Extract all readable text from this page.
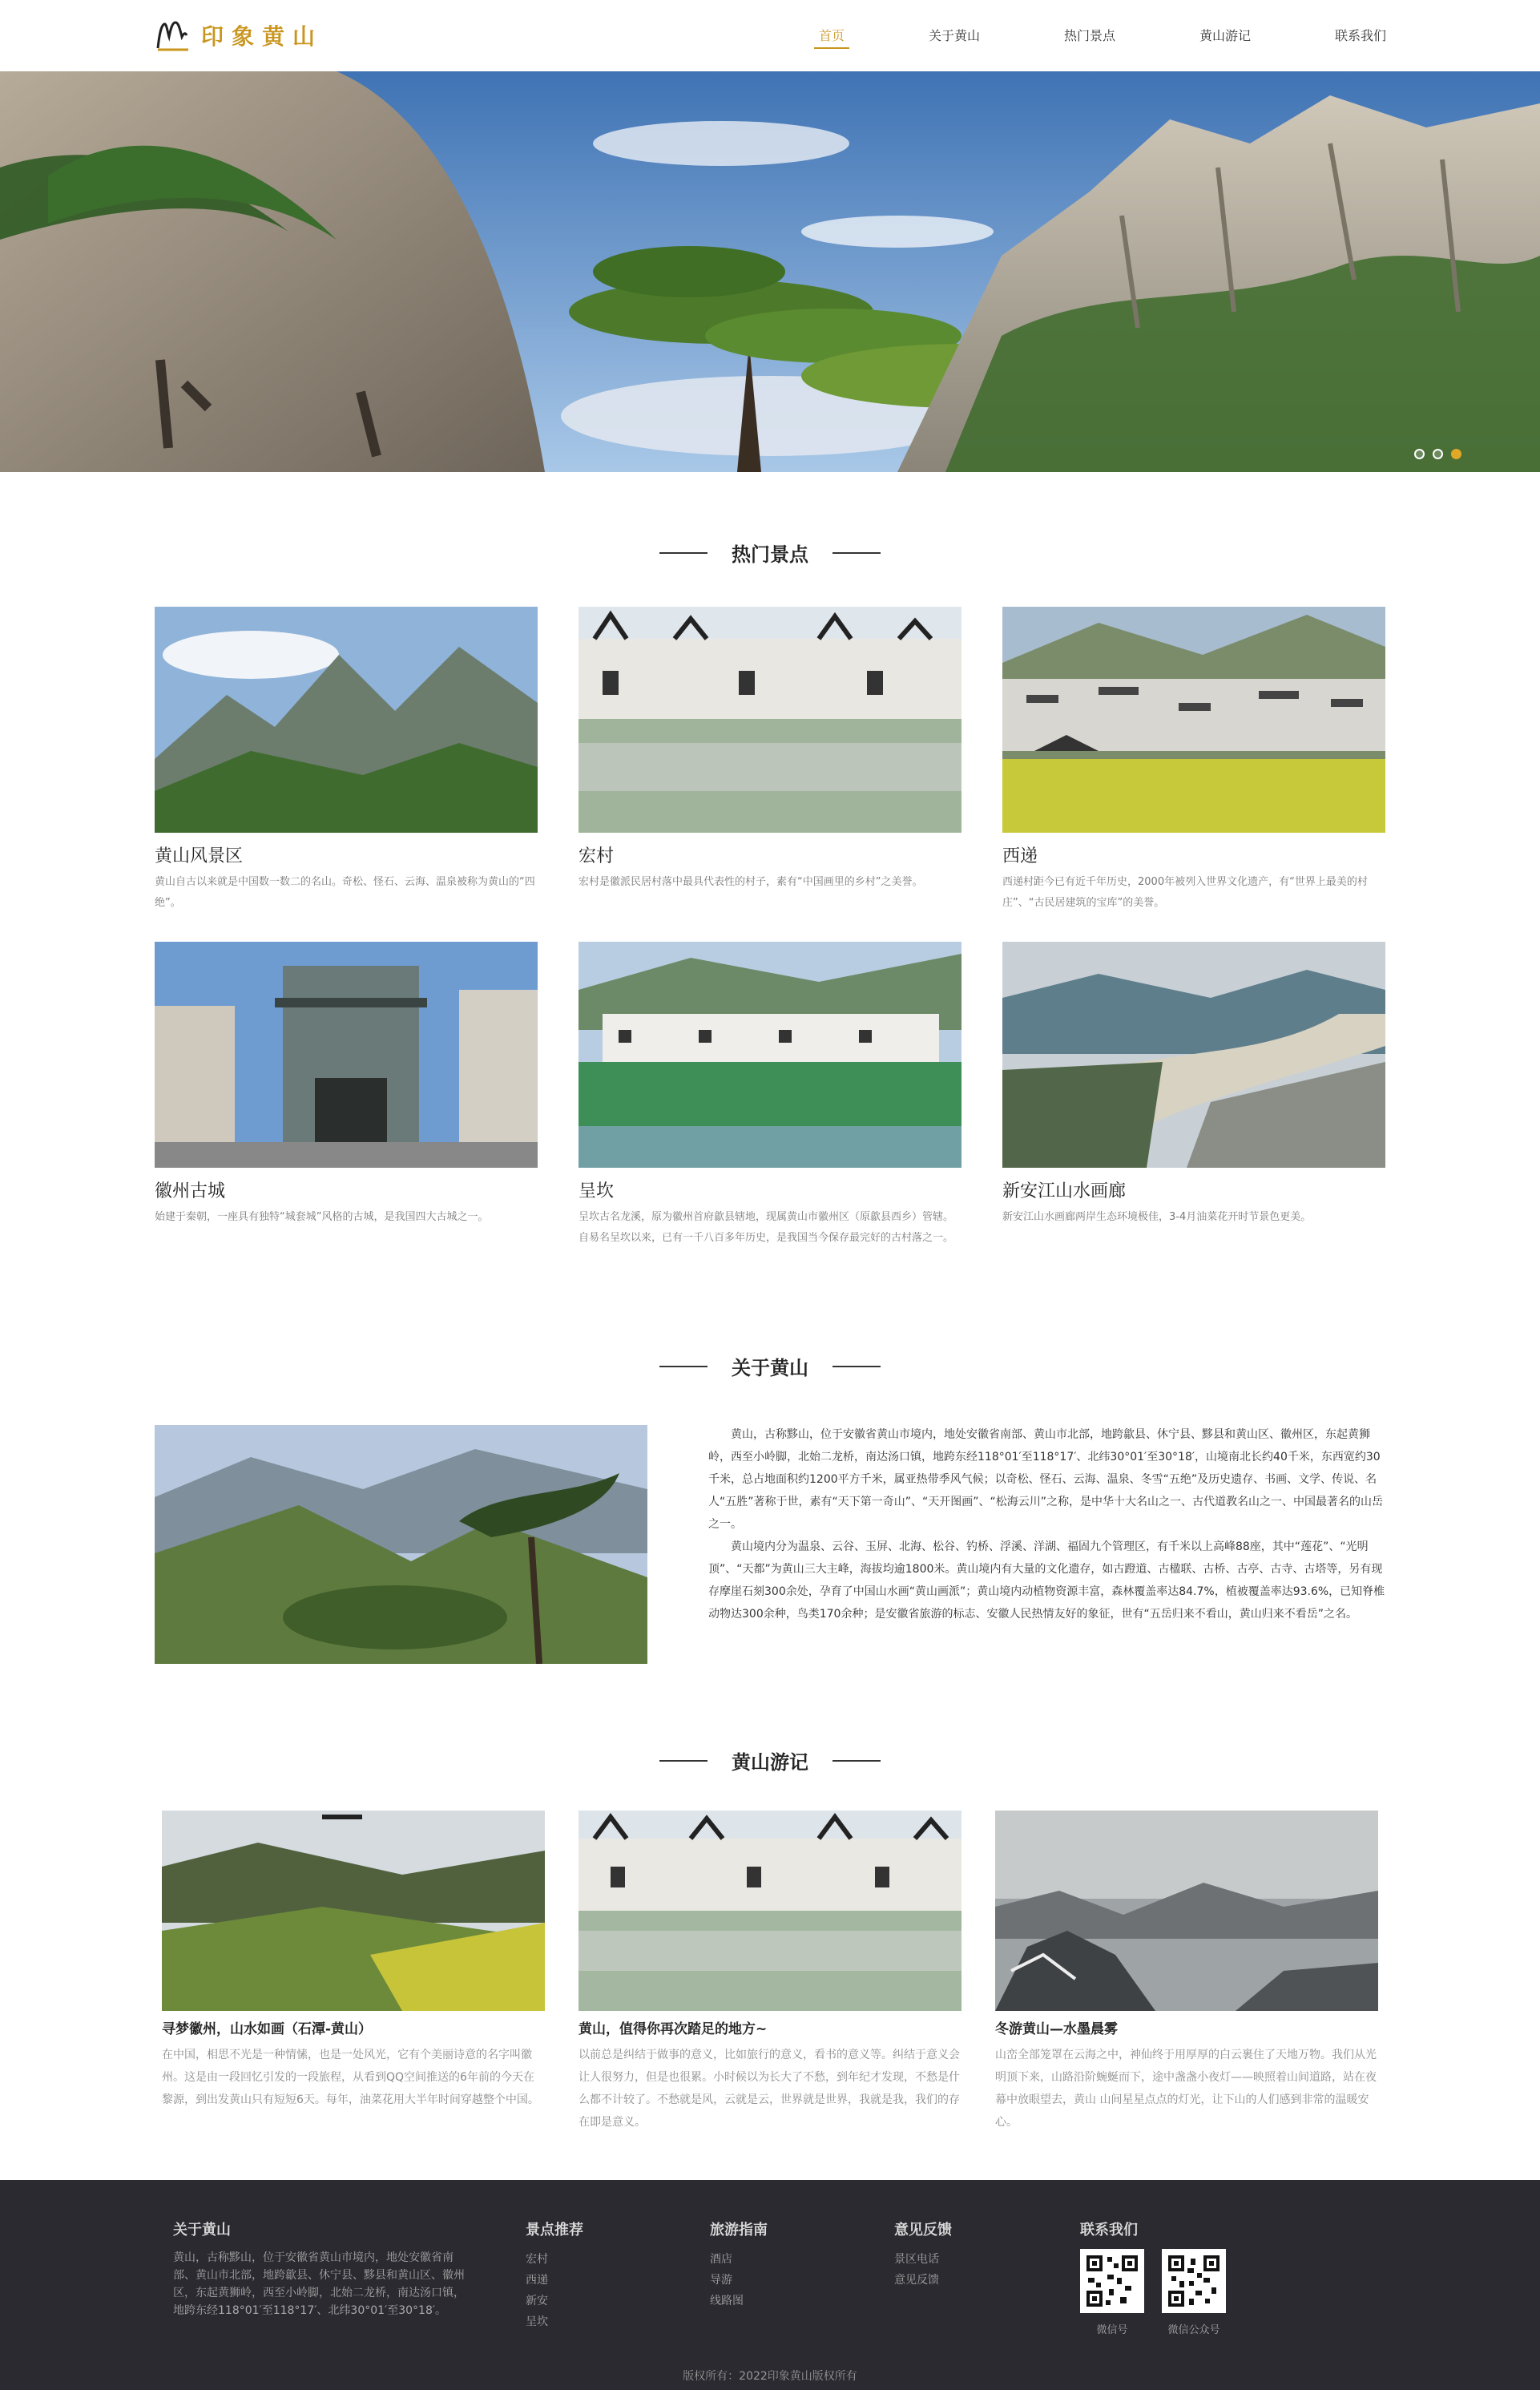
印象黄山	首页	关于黄山	热门景点	黄山游记	联系我们
热门景点
黄山风景区

黄山自古以来就是中国数一数二的名山。奇松、怪石、云海、温泉被称为黄山的“四绝”。

宏村

宏村是徽派民居村落中最具代表性的村子，素有“中国画里的乡村”之美誉。

西递

西递村距今已有近千年历史，2000年被列入世界文化遗产，有“世界上最美的村庄”、“古民居建筑的宝库”的美誉。

徽州古城

始建于秦朝，一座具有独特“城套城”风格的古城，是我国四大古城之一。

呈坎

呈坎古名龙溪，原为徽州首府歙县辖地，现属黄山市徽州区（原歙县西乡）管辖。自易名呈坎以来，已有一千八百多年历史，是我国当今保存最完好的古村落之一。

新安江山水画廊

新安江山水画廊两岸生态环境极佳，3-4月油菜花开时节景色更美。

关于黄山

黄山，古称黟山，位于安徽省黄山市境内，地处安徽省南部、黄山市北部，地跨歙县、休宁县、黟县和黄山区、徽州区，东起黄狮岭，西至小岭脚，北始二龙桥，南达汤口镇，地跨东经118°01′至118°17′、北纬30°01′至30°18′，山境南北长约40千米，东西宽约30千米，总占地面积约1200平方千米，属亚热带季风气候；以奇松、怪石、云海、温泉、冬雪“五绝”及历史遗存、书画、文学、传说、名人“五胜”著称于世，素有“天下第一奇山”、“天开图画”、“松海云川”之称，是中华十大名山之一、古代道教名山之一、中国最著名的山岳之一。

黄山境内分为温泉、云谷、玉屏、北海、松谷、钓桥、浮溪、洋湖、福固九个管理区，有千米以上高峰88座，其中“莲花”、“光明顶”、“天都”为黄山三大主峰，海拔均逾1800米。黄山境内有大量的文化遗存，如古蹬道、古楹联、古桥、古亭、古寺、古塔等，另有现存摩崖石刻300余处，孕育了中国山水画“黄山画派”；黄山境内动植物资源丰富，森林覆盖率达84.7%，植被覆盖率达93.6%，已知脊椎动物达300余种，鸟类170余种；是安徽省旅游的标志、安徽人民热情友好的象征，世有“五岳归来不看山，黄山归来不看岳”之名。

黄山游记
寻梦徽州，山水如画（石潭-黄山）

在中国，相思不光是一种情愫，也是一处风光，它有个美丽诗意的名字叫徽州。这是由一段回忆引发的一段旅程，从看到QQ空间推送的6年前的今天在黎源，到出发黄山只有短短6天。每年，油菜花用大半年时间穿越整个中国。

黄山，值得你再次踏足的地方~

以前总是纠结于做事的意义，比如旅行的意义，看书的意义等。纠结于意义会让人很努力，但是也很累。小时候以为长大了不愁，到年纪才发现，不愁是什么都不计较了。不愁就是风，云就是云，世界就是世界，我就是我，我们的存在即是意义。

冬游黄山—水墨晨雾

山峦全部笼罩在云海之中，神仙终于用厚厚的白云裹住了天地万物。我们从光明顶下来，山路沿阶蜿蜒而下，途中盏盏小夜灯——映照着山间道路，站在夜幕中放眼望去，黄山 山间星星点点的灯光，让下山的人们感到非常的温暖安心。

关于黄山
黄山，古称黟山，位于安徽省黄山市境内，地处安徽省南部、黄山市北部，地跨歙县、休宁县、黟县和黄山区、徽州区，东起黄狮岭，西至小岭脚，北始二龙桥，南达汤口镇，地跨东经118°01′至118°17′、北纬30°01′至30°18′。
景点推荐
宏村
西递
新安
呈坎
旅游指南
酒店
导游
线路图
意见反馈
景区电话
意见反馈
联系我们
微信号	微信公众号
版权所有：2022印象黄山版权所有
